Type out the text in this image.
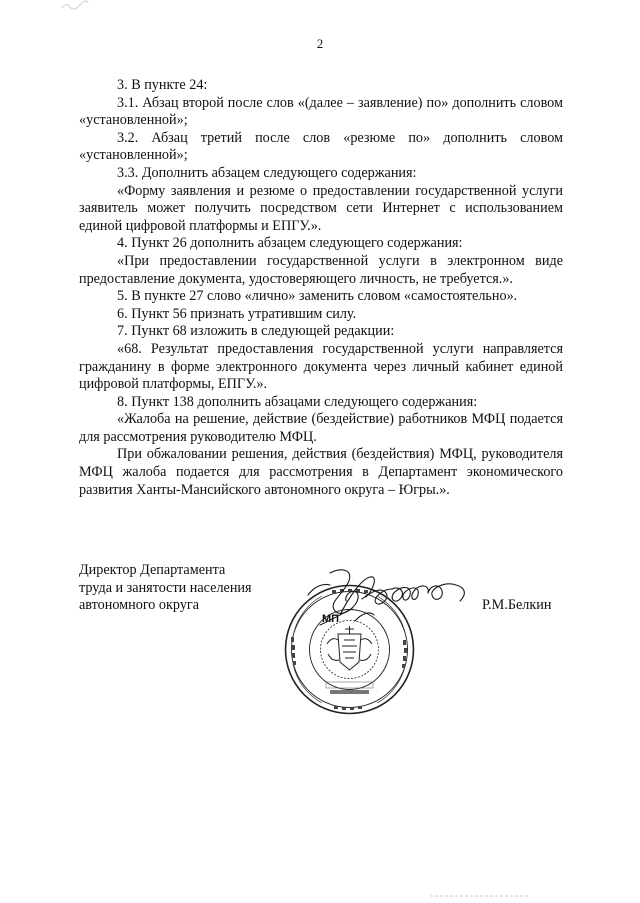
2

3. В пункте 24:

3.1. Абзац второй после слов «(далее – заявление) по» дополнить словом «установленной»;

3.2. Абзац третий после слов «резюме по» дополнить словом «установленной»;

3.3. Дополнить абзацем следующего содержания:

«Форму заявления и резюме о предоставлении государственной услуги заявитель может получить посредством сети Интернет с использованием единой цифровой платформы и ЕПГУ.».

4. Пункт 26 дополнить абзацем следующего содержания:

«При предоставлении государственной услуги в электронном виде предоставление документа, удостоверяющего личность, не требуется.».

5. В пункте 27 слово «лично» заменить словом «самостоятельно».

6. Пункт 56 признать утратившим силу.

7. Пункт 68 изложить в следующей редакции:

«68. Результат предоставления государственной услуги направляется гражданину в форме электронного документа через личный кабинет единой цифровой платформы, ЕПГУ.».

8. Пункт 138 дополнить абзацами следующего содержания:

«Жалоба на решение, действие (бездействие) работников МФЦ подается для рассмотрения руководителю МФЦ.

При обжаловании решения, действия (бездействия) МФЦ, руководителя МФЦ жалоба подается для рассмотрения в Департамент экономического развития Ханты-Мансийского автономного округа – Югры.».

Директор Департамента
труда и занятости населения
автономного округа
МП
Р.М.Белкин
